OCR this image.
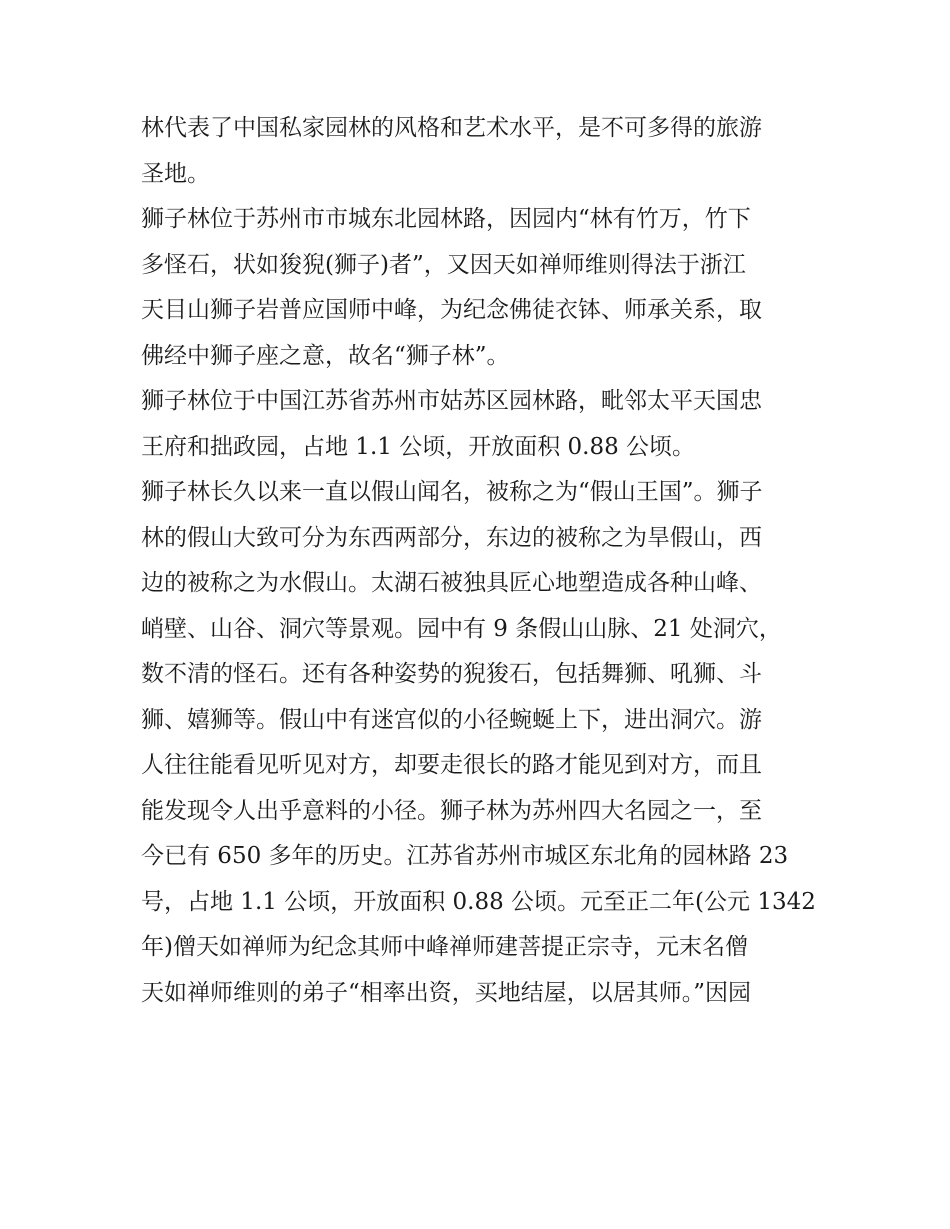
林代表了中国私家园林的风格和艺术水平，是不可多得的旅游
圣地。
狮子林位于苏州市市城东北园林路，因园内“林有竹万，竹下
多怪石，状如狻猊(狮子)者”，又因天如禅师维则得法于浙江
天目山狮子岩普应国师中峰，为纪念佛徒衣钵、师承关系，取
佛经中狮子座之意，故名“狮子林”。
狮子林位于中国江苏省苏州市姑苏区园林路，毗邻太平天国忠
王府和拙政园，占地 1.1 公顷，开放面积 0.88 公顷。
狮子林长久以来一直以假山闻名，被称之为“假山王国”。狮子
林的假山大致可分为东西两部分，东边的被称之为旱假山，西
边的被称之为水假山。太湖石被独具匠心地塑造成各种山峰、
峭壁、山谷、洞穴等景观。园中有 9 条假山山脉、21 处洞穴，
数不清的怪石。还有各种姿势的猊狻石，包括舞狮、吼狮、斗
狮、嬉狮等。假山中有迷宫似的小径蜿蜒上下，进出洞穴。游
人往往能看见听见对方，却要走很长的路才能见到对方，而且
能发现令人出乎意料的小径。狮子林为苏州四大名园之一，至
今已有 650 多年的历史。江苏省苏州市城区东北角的园林路 23
号，占地 1.1 公顷，开放面积 0.88 公顷。元至正二年(公元 1342
年)僧天如禅师为纪念其师中峰禅师建菩提正宗寺，元末名僧
天如禅师维则的弟子“相率出资，买地结屋，以居其师。”因园
